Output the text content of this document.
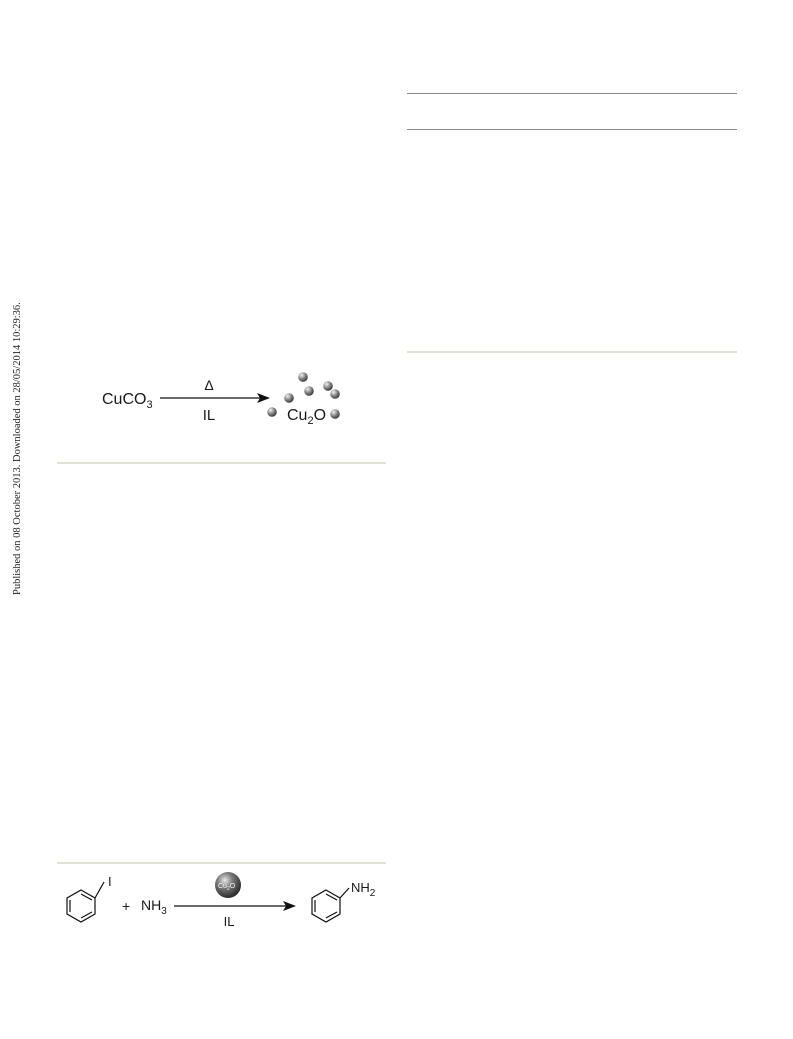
Published on 08 October 2013. Downloaded on 28/05/2014 10:29:36.	CuCO$_3$
Δ
IL	$Cu_2O$
I
+ $NH_3$
$Cu_2O$
IL
$NH_2$
